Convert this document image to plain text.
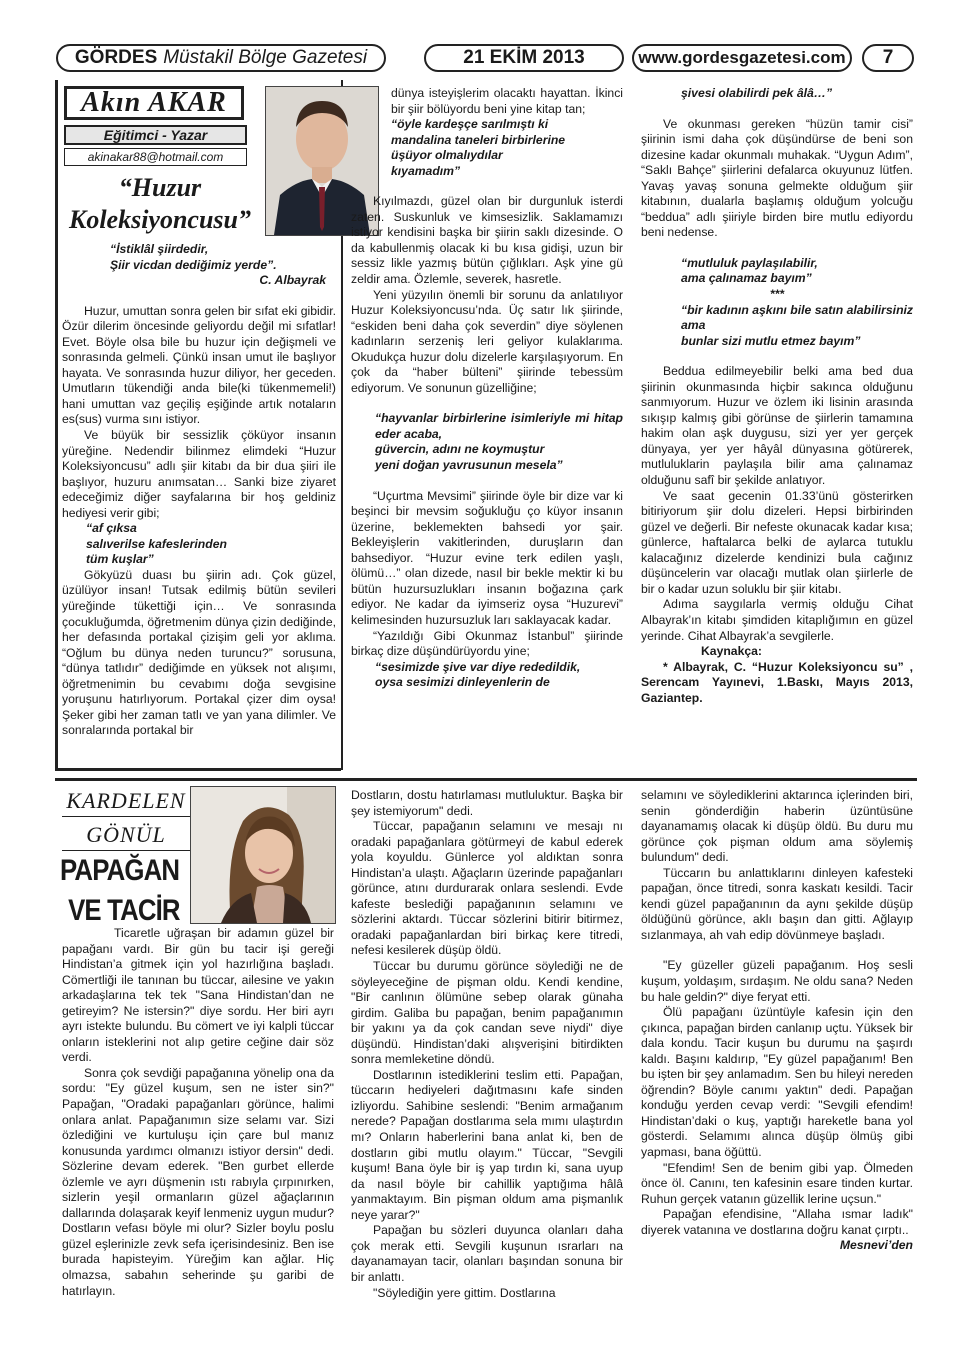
GÖRDES Müstakil Bölge Gazetesi	21 EKİM 2013	www.gordesgazetesi.com 7
Akın AKAR
Eğitimci - Yazar
akinakar88@hotmail.com
“Huzur Koleksiyoncusu”

“İstiklâl şiirdedir,

Şiir vicdan dediğimiz yerde”.

C. Albayrak

Huzur, umuttan sonra gelen bir sıfat eki gibidir. Özür dilerim öncesinde geliyordu değil mi sıfatlar! Evet. Böyle olsa bile bu huzur için değişmeli ve sonrasında gelmeli. Çünkü insan umut ile başlıyor hayata. Ve sonrasında huzur diliyor, her geceden. Umutların tükendiği anda bile(ki tükenmemeli!) hani umuttan vaz geçiliş eşiğinde artık notaların es(sus) vurma sını istiyor.

Ve büyük bir sessizlik çöküyor insanın yüreğine. Nedendir bilinmez elimdeki “Huzur Koleksiyoncusu” adlı şiir kitabı da bir dua şiiri ile başlıyor, huzuru anımsatan… Sanki bize ziyaret edeceğimiz diğer sayfalarına bir hoş geldiniz hediyesi verir gibi;

“af çıksa

salıverilse kafeslerinden

tüm kuşlar”

Gökyüzü duası bu şiirin adı. Çok güzel, üzülüyor insan! Tutsak edilmiş bütün sevileri yüreğinde tükettiği için… Ve sonrasında çocukluğumda, öğretmenim dünya çizin dediğinde, her defasında portakal çizişim geli yor aklıma. “Oğlum bu dünya neden turuncu?” sorusuna, “dünya tatlıdır” dediğimde en yüksek not alışımı, öğretmenimin bu cevabımı doğa sevgisine yoruşunu hatırlıyorum. Portakal çizer dim oysa! Şeker gibi her zaman tatlı ve yan yana dilimler. Ve sonralarında portakal bir

dünya isteyişlerim olacaktı hayattan. İkinci bir şiir bölüyordu beni yine kitap tan;

“öyle kardeşçe sarılmıştı ki

mandalina taneleri birbirlerine

üşüyor olmalıydılar

kıyamadım”

Kıyılmazdı, güzel olan bir durgunluk isterdi zaten. Suskunluk ve kimsesizlik. Saklamamızı istiyor kendisini başka bir şiirin saklı dizesinde. O da kabullenmiş olacak ki bu kısa gidişi, uzun bir sessiz likle yazmış bütün çığlıkları. Aşk yine gü zeldir ama. Özlemle, severek, hasretle.

Yeni yüzyılın önemli bir sorunu da anlatılıyor Huzur Koleksiyoncusu’nda. Üç satır lık şiirinde, “eskiden beni daha çok severdin” diye söylenen kadınların serzeniş leri geliyor kulaklarıma. Okudukça huzur dolu dizelerle karşılaşıyorum. En çok da “haber bülteni” şiirinde tebessüm ediyorum. Ve sonunun güzelliğine;

“hayvanlar birbirlerine isimleriyle mi hitap eder acaba,

güvercin, adını ne koymuştur

yeni doğan yavrusunun mesela”

“Uçurtma Mevsimi” şiirinde öyle bir dize var ki beşinci bir mevsim soğukluğu ço küyor insanın üzerine, beklemekten bahsedi yor şair. Bekleyişlerin vakitlerinden, duruşların dan bahsediyor. “Huzur evine terk edilen yaşlı, ölümü…” olan dizede, nasıl bir bekle mektir ki bu bütün huzursuzlukları insanın boğazına çark ediyor. Ne kadar da iyimseriz oysa “Huzurevi” kelimesinden huzursuzluk ları saklayacak kadar.

“Yazıldığı Gibi Okunmaz İstanbul” şiirinde birkaç dize düşündürüyordu yine;

“sesimizde şive var diye rededildik,

oysa sesimizi dinleyenlerin de

şivesi olabilirdi pek âlâ…”

Ve okunması gereken “hüzün tamir cisi” şiirinin ismi daha çok düşündürse de beni son dizesine kadar okunmalı muhakak. “Uygun Adım”, “Saklı Bahçe” şiirlerini defalarca okuyunuz lütfen. Yavaş yavaş sonuna gelmekte olduğum şiir kitabının, dualarla başlamış olduğum yolcuğu “bedduа” adlı şiiriyle birden bire mutlu ediyordu beni nedense.

“mutluluk paylaşılabilir,

ama çalınamaz bayım”

***

“bir kadının aşkını bile satın alabilirsiniz ama

bunlar sizi mutlu etmez bayım”

Beddua edilmeyebilir belki ama bed dua şiirinin okunmasında hiçbir sakınca olduğunu sanmıyorum. Huzur ve özlem iki lisinin arasında sıkışıp kalmış gibi görünse de şiirlerin tamamına hakim olan aşk duygusu, sizi yer yer gerçek dünyaya, yer yer hâyâl dünyasına götürerek, mutluluklarin paylaşıla bilir ama çalınamaz olduğunu safî bir şekilde anlatıyor.

Ve saat gecenin 01.33’ünü gösterirken bitiriyorum şiir dolu dizeleri. Hepsi birbirinden güzel ve değerli. Bir nefeste okunacak kadar kısa; günlerce, haftalarca belki de aylarca tutuklu kalacağınız dizelerde kendinizi bula cağınız düşüncelerin var olacağı mutlak olan şiirlerle de bir o kadar uzun soluklu bir şiir kitabı.

Adıma saygılarla vermiş olduğu Cihat Albayrak’ın kitabı şimdiden kitaplığımın en güzel yerinde. Cihat Albayrak’a sevgilerle.

Kaynakça:

* Albayrak, C. “Huzur Koleksiyoncu su” , Serencam Yayınevi, 1.Baskı, Mayıs 2013, Gaziantep.

KARDELEN
GÖNÜL
PAPAĞAN
VE TACİR

Ticaretle uğraşan bir adamın güzel bir papağanı vardı. Bir gün bu tacir işi gereği Hindistan’a gitmek için yol hazırlığına başladı. Cömertliği ile tanınan bu tüccar, ailesine ve yakın arkadaşlarına tek tek "Sana Hindistan’dan ne getireyim? Ne istersin?" diye sordu. Her biri ayrı ayrı istekte bulundu. Bu cömert ve iyi kalpli tüccar onların isteklerini not alıp getire ceğine dair söz verdi.

Sonra çok sevdiği papağanına yönelip ona da sordu: "Ey güzel kuşum, sen ne ister sin?" Papağan, "Oradaki papağanları görünce, halimi onlara anlat. Papağanımın size selamı var. Sizi özlediğini ve kurtuluşu için çare bul manız konusunda yardımcı olmanızı istiyor dersin" dedi. Sözlerine devam ederek. "Ben gurbet ellerde özlemle ve ayrı düşmenin ıstı rabıyla çırpınırken, sizlerin yeşil ormanların güzel ağaçlarının dallarında dolaşarak keyif lenmeniz uygun mudur? Dostların vefası böyle mi olur? Sizler boylu poslu güzel eşlerinizle zevk sefa içerisindesiniz. Ben ise burada hapisteyim. Yüreğim kan ağlar. Hiç olmazsa, sabahın seherinde şu garibi de hatırlayın.

Dostların, dostu hatırlaması mutluluktur. Başka bir şey istemiyorum" dedi.

Tüccar, papağanın selamını ve mesajı nı oradaki papağanlara götürmeyi de kabul ederek yola koyuldu. Günlerce yol aldıktan sonra Hindistan’a ulaştı. Ağaçların üzerinde papağanları görünce, atını durdurarak onlara seslendi. Evde kafeste beslediği papağanının selamını ve sözlerini aktardı. Tüccar sözlerini bitirir bitirmez, oradaki papağanlardan biri birkaç kere titredi, nefesi kesilerek düşüp öldü.

Tüccar bu durumu görünce söylediği ne de söyleyeceğine de pişman oldu. Kendi kendine, "Bir canlının ölümüne sebep olarak günaha girdim. Galiba bu papağan, benim papağanımın bir yakını ya da çok candan seve niydi" diye düşündü. Hindistan’daki alışverişini bitirdikten sonra memleketine döndü.

Dostlarının istediklerini teslim etti. Papağan, tüccarın hediyeleri dağıtmasını kafe sinden izliyordu. Sahibine seslendi: "Benim armağanım nerede? Papağan dostlarıma sela mımı ulaştırdın mı? Onların haberlerini bana anlat ki, ben de dostların gibi mutlu olayım." Tüccar, "Sevgili kuşum! Bana öyle bir iş yap tırdın ki, sana uyup da nasıl böyle bir cahillik yaptığıma hâlâ yanmaktayım. Bin pişman oldum ama pişmanlık neye yarar?"

Papağan bu sözleri duyunca olanları daha çok merak etti. Sevgili kuşunun ısrarları na dayanamayan tacir, olanları başından sonuna bir bir anlattı.

"Söylediğin yere gittim. Dostlarına

selamını ve söylediklerini aktarınca içlerinden biri, senin gönderdiğin haberin üzüntüsüne dayanamamış olacak ki düşüp öldü. Bu duru mu görünce çok pişman oldum ama söylemiş bulundum" dedi.

Tüccarın bu anlattıklarını dinleyen kafesteki papağan, önce titredi, sonra kaskatı kesildi. Tacir kendi güzel papağanının da aynı şekilde düşüp öldüğünü görünce, aklı başın dan gitti. Ağlayıp sızlanmaya, ah vah edip dövünmeye başladı.

"Ey güzeller güzeli papağanım. Hoş sesli kuşum, yoldaşım, sırdaşım. Ne oldu sana? Neden bu hale geldin?" diye feryat etti.

Ölü papağanı üzüntüyle kafesin için den çıkınca, papağan birden canlanıp uçtu. Yüksek bir dala kondu. Tacir kuşun bu durumu na şaşırdı kaldı. Başını kaldırıp, "Ey güzel papağanım! Ben bu işten bir şey anlamadım. Sen bu hileyi nereden öğrendin? Böyle canımı yaktın" dedi. Papağan konduğu yerden cevap verdi: "Sevgili efendim! Hindistan’daki o kuş, yaptığı hareketle bana yol gösterdi. Selamımı alınca düşüp ölmüş gibi yapması, bana öğüttü.

"Efendim! Sen de benim gibi yap. Ölmeden önce öl. Canını, ten kafesinin esare tinden kurtar. Ruhun gerçek vatanın güzellik lerine uçsun."

Papağan efendisine, "Allaha ısmar ladık" diyerek vatanına ve dostlarına doğru kanat çırptı..

Mesnevi’den
